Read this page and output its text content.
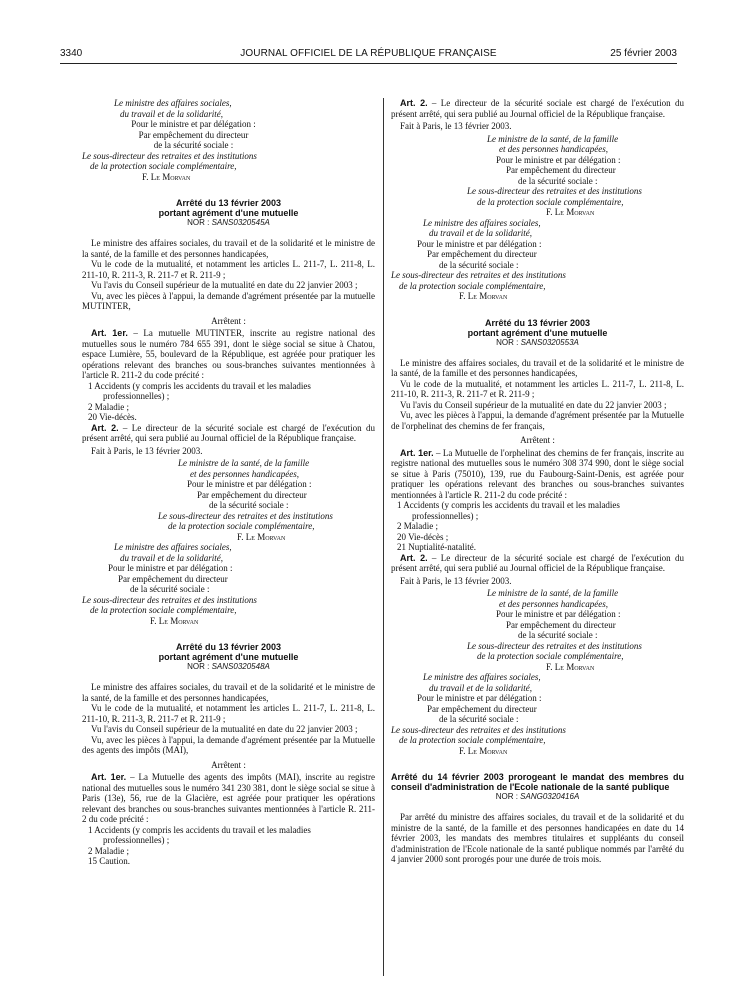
3340	JOURNAL OFFICIEL DE LA RÉPUBLIQUE FRANÇAISE	25 février 2003

Le ministre des affaires sociales,

du travail et de la solidarité,

Pour le ministre et par délégation :

Par empêchement du directeur

de la sécurité sociale :

Le sous-directeur des retraites et des institutions

de la protection sociale complémentaire,

F. Le Morvan

Arrêté du 13 février 2003

portant agrément d'une mutuelle

NOR : SANS0320545A

Le ministre des affaires sociales, du travail et de la solidarité et le ministre de la santé, de la famille et des personnes handicapées,

Vu le code de la mutualité, et notamment les articles L. 211-7, L. 211-8, L. 211-10, R. 211-3, R. 211-7 et R. 211-9 ;

Vu l'avis du Conseil supérieur de la mutualité en date du 22 janvier 2003 ;

Vu, avec les pièces à l'appui, la demande d'agrément présentée par la mutuelle MUTINTER,

Arrêtent :

Art. 1er. – La mutuelle MUTINTER, inscrite au registre national des mutuelles sous le numéro 784 655 391, dont le siège social se situe à Chatou, espace Lumière, 55, boulevard de la République, est agréée pour pratiquer les opérations relevant des branches ou sous-branches suivantes mentionnées à l'article R. 211-2 du code précité :

1 Accidents (y compris les accidents du travail et les maladies

professionnelles) ;

2 Maladie ;

20 Vie-décès.

Art. 2. – Le directeur de la sécurité sociale est chargé de l'exécution du présent arrêté, qui sera publié au Journal officiel de la République française.

Fait à Paris, le 13 février 2003.

Le ministre de la santé, de la famille

et des personnes handicapées,

Pour le ministre et par délégation :

Par empêchement du directeur

de la sécurité sociale :

Le sous-directeur des retraites et des institutions

de la protection sociale complémentaire,

F. Le Morvan

Le ministre des affaires sociales,

du travail et de la solidarité,

Pour le ministre et par délégation :

Par empêchement du directeur

de la sécurité sociale :

Le sous-directeur des retraites et des institutions

de la protection sociale complémentaire,

F. Le Morvan

Arrêté du 13 février 2003

portant agrément d'une mutuelle

NOR : SANS0320548A

Le ministre des affaires sociales, du travail et de la solidarité et le ministre de la santé, de la famille et des personnes handicapées,

Vu le code de la mutualité, et notamment les articles L. 211-7, L. 211-8, L. 211-10, R. 211-3, R. 211-7 et R. 211-9 ;

Vu l'avis du Conseil supérieur de la mutualité en date du 22 janvier 2003 ;

Vu, avec les pièces à l'appui, la demande d'agrément présentée par la Mutuelle des agents des impôts (MAI),

Arrêtent :

Art. 1er. – La Mutuelle des agents des impôts (MAI), inscrite au registre national des mutuelles sous le numéro 341 230 381, dont le siège social se situe à Paris (13e), 56, rue de la Glacière, est agréée pour pratiquer les opérations relevant des branches ou sous-branches suivantes mentionnées à l'article R. 211-2 du code précité :

1 Accidents (y compris les accidents du travail et les maladies

professionnelles) ;

2 Maladie ;

15 Caution.

Art. 2. – Le directeur de la sécurité sociale est chargé de l'exécution du présent arrêté, qui sera publié au Journal officiel de la République française.

Fait à Paris, le 13 février 2003.

Le ministre de la santé, de la famille

et des personnes handicapées,

Pour le ministre et par délégation :

Par empêchement du directeur

de la sécurité sociale :

Le sous-directeur des retraites et des institutions

de la protection sociale complémentaire,

F. Le Morvan

Le ministre des affaires sociales,

du travail et de la solidarité,

Pour le ministre et par délégation :

Par empêchement du directeur

de la sécurité sociale :

Le sous-directeur des retraites et des institutions

de la protection sociale complémentaire,

F. Le Morvan

Arrêté du 13 février 2003

portant agrément d'une mutuelle

NOR : SANS0320553A

Le ministre des affaires sociales, du travail et de la solidarité et le ministre de la santé, de la famille et des personnes handicapées,

Vu le code de la mutualité, et notamment les articles L. 211-7, L. 211-8, L. 211-10, R. 211-3, R. 211-7 et R. 211-9 ;

Vu l'avis du Conseil supérieur de la mutualité en date du 22 janvier 2003 ;

Vu, avec les pièces à l'appui, la demande d'agrément présentée par la Mutuelle de l'orphelinat des chemins de fer français,

Arrêtent :

Art. 1er. – La Mutuelle de l'orphelinat des chemins de fer français, inscrite au registre national des mutuelles sous le numéro 308 374 990, dont le siège social se situe à Paris (75010), 139, rue du Faubourg-Saint-Denis, est agréée pour pratiquer les opérations relevant des branches ou sous-branches suivantes mentionnées à l'article R. 211-2 du code précité :

1 Accidents (y compris les accidents du travail et les maladies

professionnelles) ;

2 Maladie ;

20 Vie-décès ;

21 Nuptialité-natalité.

Art. 2. – Le directeur de la sécurité sociale est chargé de l'exécution du présent arrêté, qui sera publié au Journal officiel de la République française.

Fait à Paris, le 13 février 2003.

Le ministre de la santé, de la famille

et des personnes handicapées,

Pour le ministre et par délégation :

Par empêchement du directeur

de la sécurité sociale :

Le sous-directeur des retraites et des institutions

de la protection sociale complémentaire,

F. Le Morvan

Le ministre des affaires sociales,

du travail et de la solidarité,

Pour le ministre et par délégation :

Par empêchement du directeur

de la sécurité sociale :

Le sous-directeur des retraites et des institutions

de la protection sociale complémentaire,

F. Le Morvan

Arrêté du 14 février 2003 prorogeant le mandat des membres du conseil d'administration de l'Ecole nationale de la santé publique

NOR : SANG0320416A

Par arrêté du ministre des affaires sociales, du travail et de la solidarité et du ministre de la santé, de la famille et des personnes handicapées en date du 14 février 2003, les mandats des membres titulaires et suppléants du conseil d'administration de l'Ecole nationale de la santé publique nommés par l'arrêté du 4 janvier 2000 sont prorogés pour une durée de trois mois.
